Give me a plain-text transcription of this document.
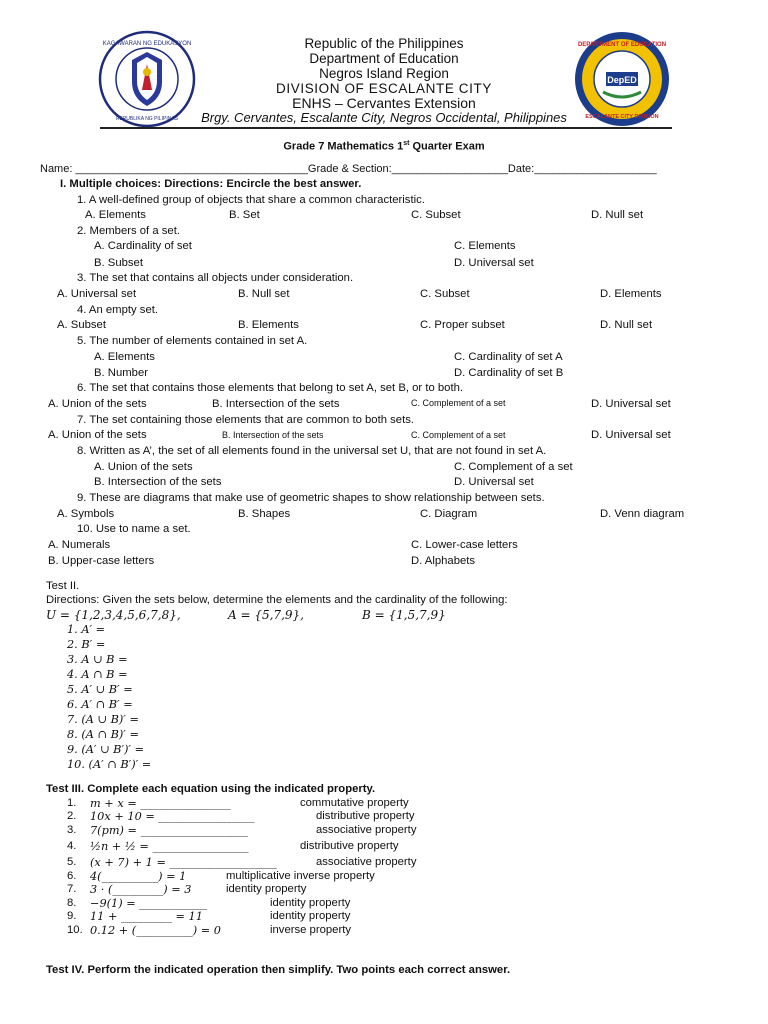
KAGAWARAN NG EDUKASYON
REPUBLIKA NG PILIPINAS
DepED
DEPARTMENT OF EDUCATION
ESCALANTE CITY DIVISION
Republic of the Philippines
Department of Education
Negros Island Region
DIVISION OF ESCALANTE CITY
ENHS – Cervantes Extension
Brgy. Cervantes, Escalante City, Negros Occidental, Philippines
Grade 7 Mathematics 1st Quarter Exam
Name: ______________________________________Grade & Section:___________________Date:____________________
I. Multiple choices: Directions: Encircle the best answer.
1. A well-defined group of objects that share a common characteristic.
A. Elements	B. Set	C. Subset	D. Null set
2. Members of a set.
A. Cardinality of set	C. Elements
B. Subset	D. Universal set
3. The set that contains all objects under consideration.
A. Universal set	B. Null set	C. Subset	D. Elements
4. An empty set.
A. Subset	B. Elements	C. Proper subset	D. Null set
5. The number of elements contained in set A.
A. Elements	C. Cardinality of set A
B. Number	D. Cardinality of set B
6. The set that contains those elements that belong to set A, set B, or to both.
A. Union of the sets	B. Intersection of the sets	C. Complement of a set	D. Universal set
7. The set containing those elements that are common to both sets.
A. Union of the sets	B. Intersection of the sets	C. Complement of a set	D. Universal set
8. Written as A’, the set of all elements found in the universal set U, that are not found in set A.
A. Union of the sets	C. Complement of a set
B. Intersection of the sets	D. Universal set
9. These are diagrams that make use of geometric shapes to show relationship between sets.
A. Symbols	B. Shapes	C. Diagram	D. Venn diagram
10. Use to name a set.
A. Numerals	C. Lower-case letters
B. Upper-case letters	D. Alphabets
Test II.
Directions: Given the sets below, determine the elements and the cardinality of the following:
U = {1,2,3,4,5,6,7,8},	A = {5,7,9},	B = {1,5,7,9}
1. A′ =
2. B′ =
3. A ∪ B =
4. A ∩ B =
5. A′ ∪ B′ =
6. A′ ∩ B′ =
7. (A ∪ B)′ =
8. (A ∩ B)′ =
9. (A′ ∪ B′)′ =
10. (A′ ∩ B′)′ =
Test III. Complete each equation using the indicated property.
1. m + x = ________________	commutative property
2. 10x + 10 = _________________	distributive property
3. 7(pm) = ___________________	associative property
4. ½n + ½ = _________________	distributive property
5. (x + 7) + 1 = ___________________	associative property
6. 4(__________) = 1	multiplicative inverse property
7. 3 · (_________) = 3	identity property
8. −9(1) = ____________	identity property
9. 11 + _________ = 11	identity property
10. 0.12 + (__________) = 0	inverse property
Test IV. Perform the indicated operation then simplify. Two points each correct answer.
